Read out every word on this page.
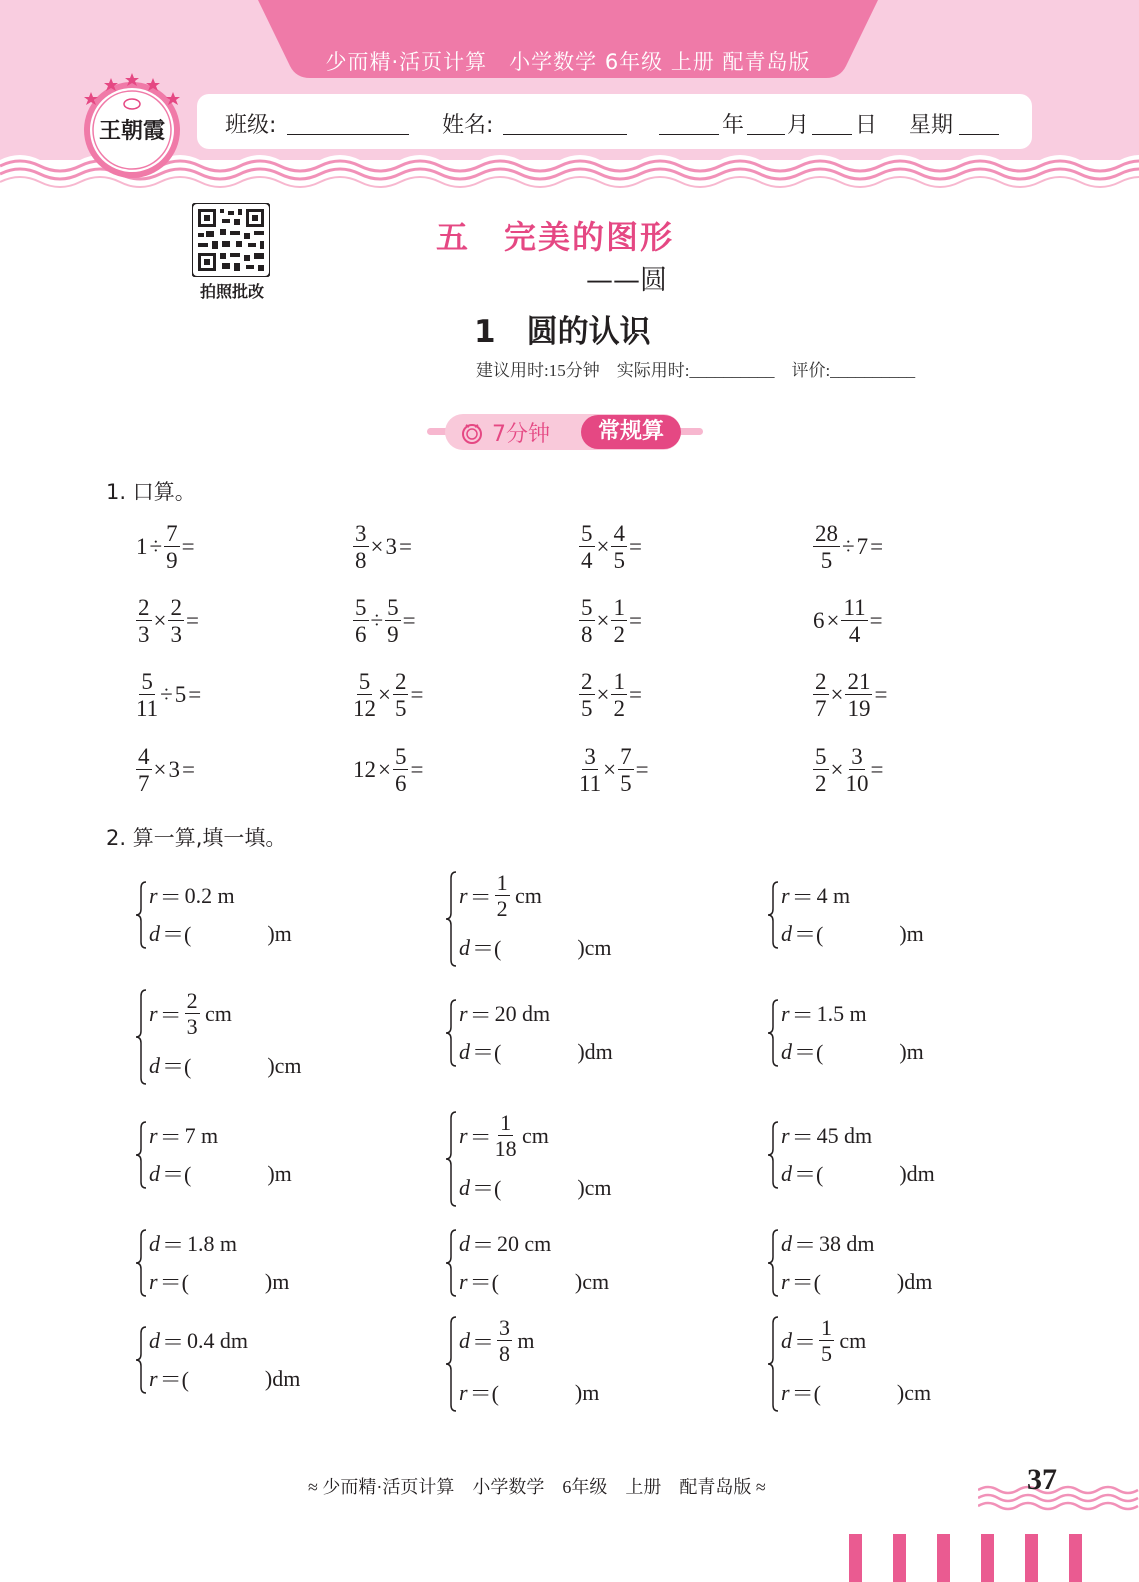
少而精·活页计算　小学数学 6年级 上册 配青岛版
班级:	姓名:	年 月 日 星期
王朝霞
拍照批改
五　完美的图形
——圆
1　圆的认识
建议用时:15分钟　实际用时:__________　评价:__________
7分钟	常规算
1. 口算。
$1 \div \frac{7}{9}$ =	$\frac{3}{8} \times 3$ =	$\frac{5}{4} \times \frac{4}{5}$ =	$\frac{28}{5} \div 7$ =
$\frac{2}{3} \times \frac{2}{3}$ =	$\frac{5}{6} \div \frac{5}{9}$ =	$\frac{5}{8} \times \frac{1}{2}$ =	$6 \times \frac{11}{4}$ =
$\frac{5}{11} \div 5$ =	$\frac{5}{12} \times \frac{2}{5}$ =	$\frac{2}{5} \times \frac{1}{2}$ =	$\frac{2}{7} \times \frac{21}{19}$ =
$\frac{4}{7} \times 3$ =	$12 \times \frac{5}{6}$ =	$\frac{3}{11} \times \frac{7}{5}$ =	$\frac{5}{2} \times \frac{3}{10}$ =
2. 算一算,填一填。
r ＝ 0.2  m
d ＝(	)m
$r = \frac{1}{2}$  cm
d ＝(	)cm
r ＝ 4  m
d ＝(	)m
$r = \frac{2}{3}$  cm
d ＝(	)cm
r ＝ 20  dm
d ＝(	)dm
r ＝ 1.5  m
d ＝(	)m
r ＝ 7  m
d ＝(	)m
$r = \frac{1}{18}$  cm
d ＝(	)cm
r ＝ 45  dm
d ＝(	)dm
d ＝ 1.8  m
r ＝(	)m
d ＝ 20  cm
r ＝(	)cm
d ＝ 38  dm
r ＝(	)dm
d ＝ 0.4  dm
r ＝(	)dm
$d = \frac{3}{8}$  m
r ＝(	)m
$d = \frac{1}{5}$  cm
r ＝(	)cm
≈ 少而精·活页计算　小学数学　6年级　上册　配青岛版 ≈	37
